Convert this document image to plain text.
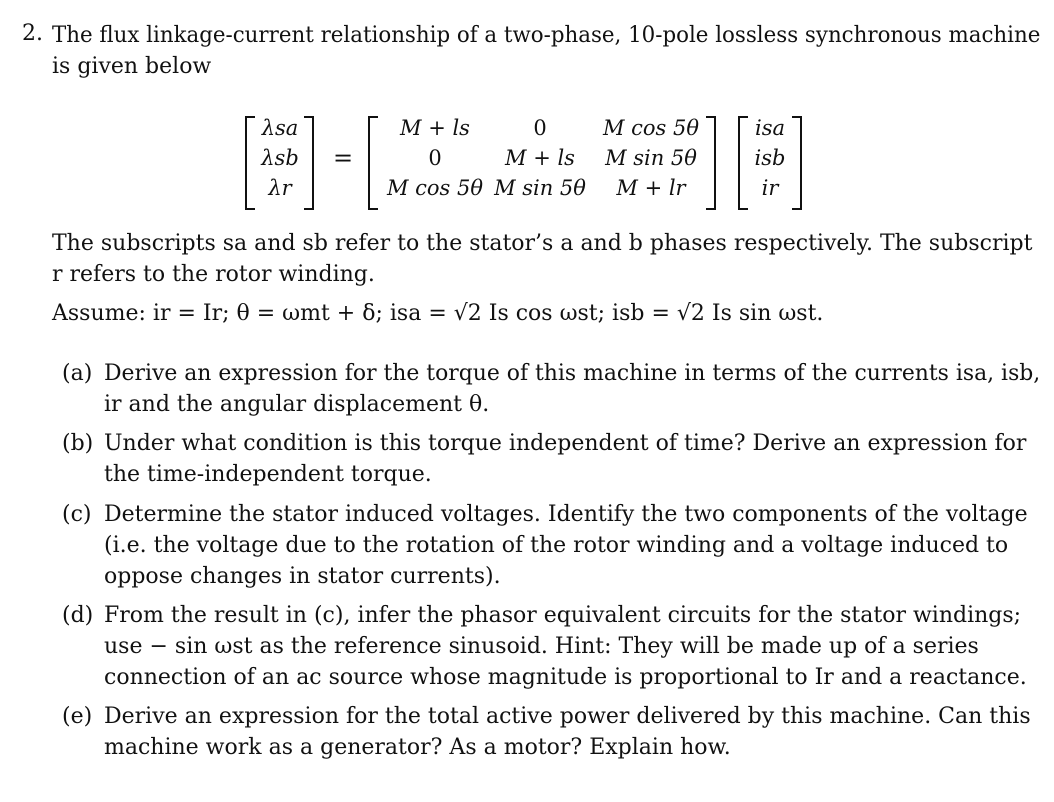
2. The flux linkage-current relationship of a two-phase, 10-pole lossless synchronous machine
is given below
λsa
λsb
λr
=
M + ls	0	M cos 5θ
0	M + ls	M sin 5θ
M cos 5θ M sin 5θ	M + lr
isa
isb
ir
The subscripts sa and sb refer to the stator’s a and b phases respectively. The subscript
r refers to the rotor winding.
Assume: ir = Ir; θ = ωmt + δ; isa = √2 Is cos ωst; isb = √2 Is sin ωst.
(a) Derive an expression for the torque of this machine in terms of the currents isa, isb,
ir and the angular displacement θ.
(b) Under what condition is this torque independent of time? Derive an expression for
the time-independent torque.
(c) Determine the stator induced voltages. Identify the two components of the voltage
(i.e. the voltage due to the rotation of the rotor winding and a voltage induced to
oppose changes in stator currents).
(d) From the result in (c), infer the phasor equivalent circuits for the stator windings;
use − sin ωst as the reference sinusoid. Hint: They will be made up of a series
connection of an ac source whose magnitude is proportional to Ir and a reactance.
(e) Derive an expression for the total active power delivered by this machine. Can this
machine work as a generator? As a motor? Explain how.
